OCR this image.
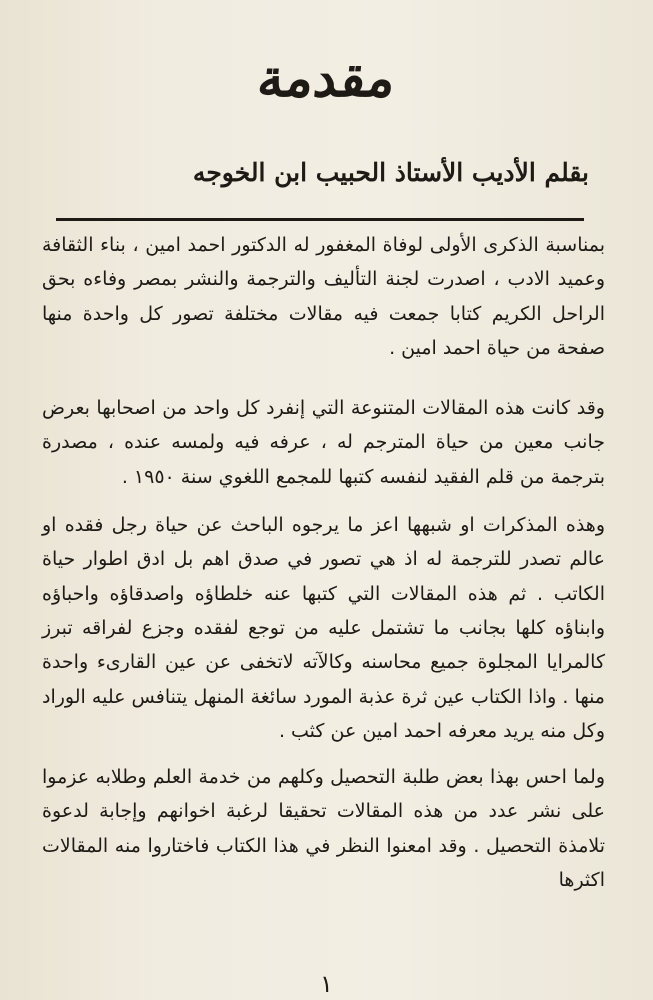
مقدمة
بقلم الأديب الأستاذ الحبيب ابن الخوجه

بمناسبة الذكرى الأولى لوفاة المغفور له الدكتور احمد امين ، بناء الثقافة وعميد الادب ، اصدرت لجنة التأليف والترجمة والنشر بمصر وفاءه بحق الراحل الكريم كتابا جمعت فيه مقالات مختلفة تصور كل واحدة منها صفحة من حياة احمد امين .

وقد كانت هذه المقالات المتنوعة التي إنفرد كل واحد من اصحابها بعرض جانب معين من حياة المترجم له ، عرفه فيه ولمسه عنده ، مصدرة بترجمة من قلم الفقيد لنفسه كتبها للمجمع اللغوي سنة ١٩٥٠ .

وهذه المذكرات او شبهها اعز ما يرجوه الباحث عن حياة رجل فقده او عالم تصدر للترجمة له اذ هي تصور في صدق اهم بل ادق اطوار حياة الكاتب . ثم هذه المقالات التي كتبها عنه خلطاؤه واصدقاؤه واحباؤه وابناؤه كلها بجانب ما تشتمل عليه من توجع لفقده وجزع لفراقه تبرز كالمرايا المجلوة جميع محاسنه وكالآته لاتخفى عن عين القارىء واحدة منها . واذا الكتاب عين ثرة عذبة المورد سائغة المنهل يتنافس عليه الوراد وكل منه يريد معرفه احمد امين عن كثب .

ولما احس بهذا بعض طلبة التحصيل وكلهم من خدمة العلم وطلابه عزموا على نشر عدد من هذه المقالات تحقيقا لرغبة اخوانهم وإجابة لدعوة تلامذة التحصيل . وقد امعنوا النظر في هذا الكتاب فاختاروا منه المقالات اكثرها

١
